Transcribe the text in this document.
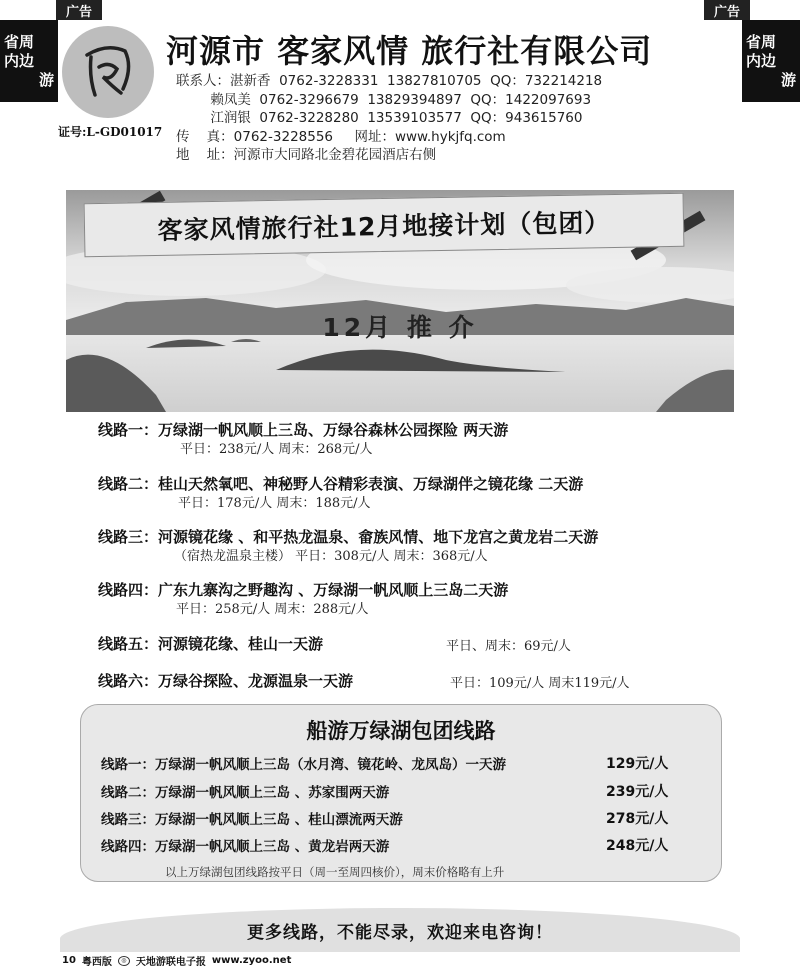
广告	广告
省周
内边
游
省周
内边
游
证号:L-GD01017
河源市 客家风情 旅行社有限公司
联系人：湛新香  0762-3228331  13827810705  QQ：732214218
赖凤美  0762-3296679  13829394897  QQ：1422097693
江润银  0762-3228280  13539103577  QQ：943615760
传    真：0762-3228556     网址：www.hykjfq.com
地    址：河源市大同路北金碧花园酒店右侧
12月 推 介
客家风情旅行社12月地接计划（包团）
线路一：万绿湖一帆风顺上三岛、万绿谷森林公园探险 两天游
平日：238元/人 周末：268元/人
线路二：桂山天然氧吧、神秘野人谷精彩表演、万绿湖伴之镜花缘 二天游
平日：178元/人 周末：188元/人
线路三：河源镜花缘 、和平热龙温泉、畲族风情、地下龙宫之黄龙岩二天游
（宿热龙温泉主楼） 平日：308元/人 周末：368元/人
线路四：广东九寨沟之野趣沟 、万绿湖一帆风顺上三岛二天游
平日：258元/人 周末：288元/人
线路五：河源镜花缘、桂山一天游	平日、周末：69元/人
线路六：万绿谷探险、龙源温泉一天游	平日：109元/人 周末119元/人
船游万绿湖包团线路
线路一：万绿湖一帆风顺上三岛（水月湾、镜花岭、龙凤岛）一天游	129元/人
线路二：万绿湖一帆风顺上三岛 、苏家围两天游	239元/人
线路三：万绿湖一帆风顺上三岛 、桂山漂流两天游	278元/人
线路四：万绿湖一帆风顺上三岛 、黄龙岩两天游	248元/人
以上万绿湖包团线路按平日（周一至周四核价），周末价格略有上升
更多线路，不能尽录，欢迎来电咨询！
10 粤西版	◎ 天地游联电子报 www.zyoo.net
